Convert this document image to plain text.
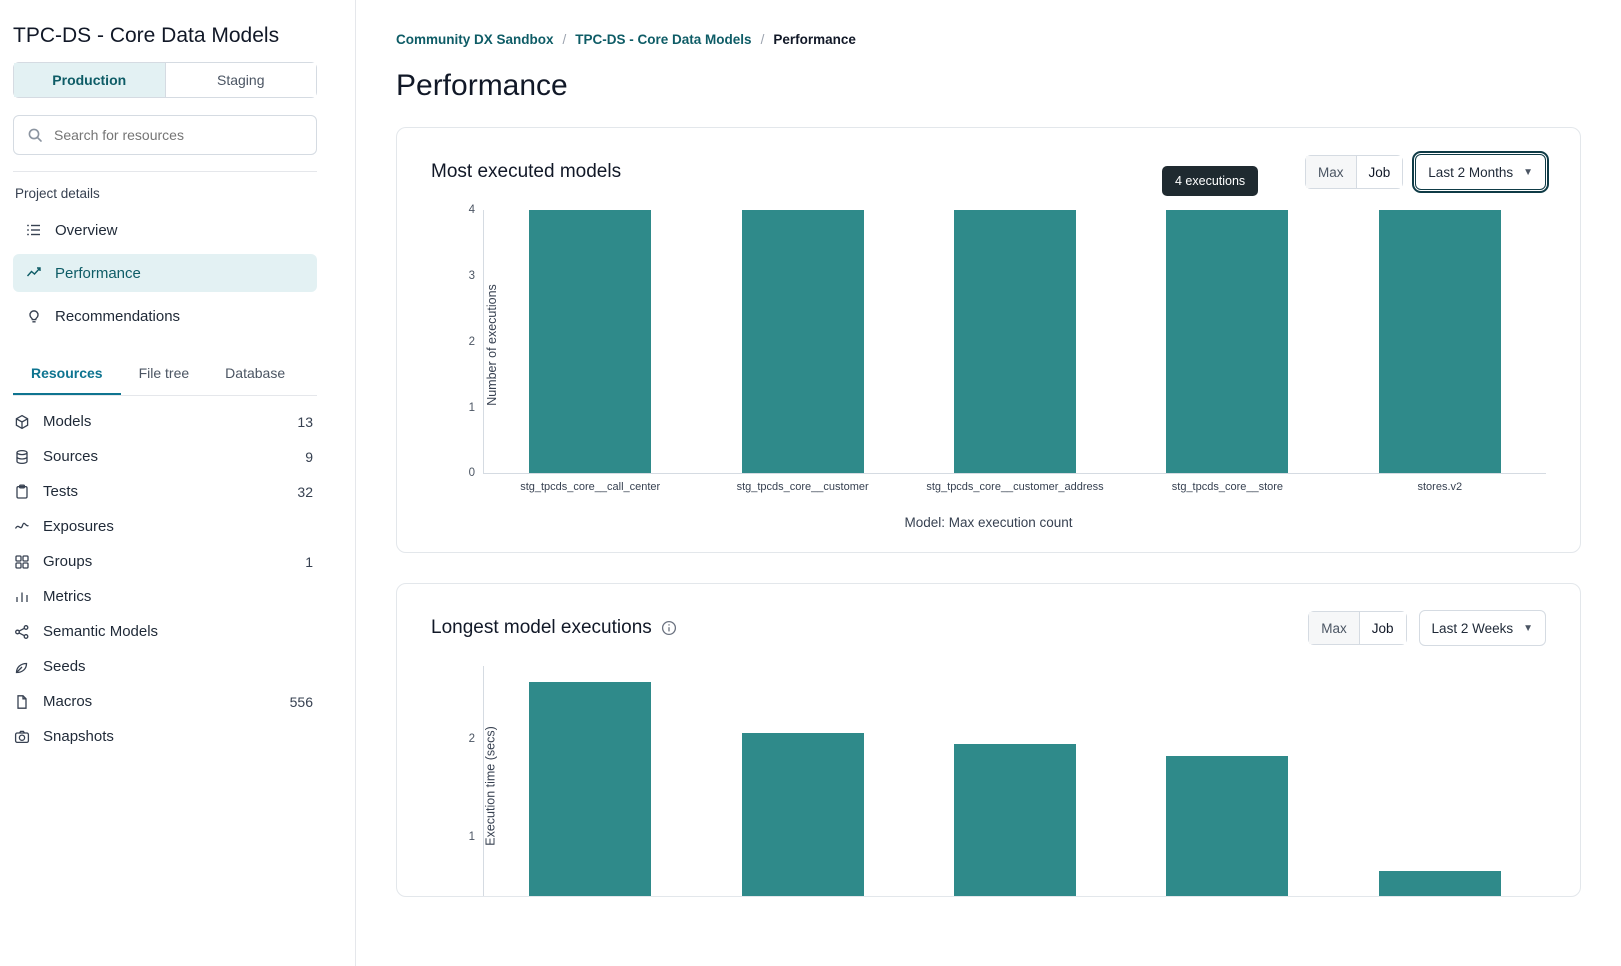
TPC-DS - Core Data Models
Production	Staging
Search for resources
Project details
Overview
Performance
Recommendations
Resources	File tree	Database
Models	13
Sources	9
Tests	32
Exposures
Groups	1
Metrics
Semantic Models
Seeds
Macros	556
Snapshots
Community DX Sandbox / TPC-DS - Core Data Models / Performance
Performance
Most executed models	Max	Job	Last 2 Months ▼
4 executions
Number of executions
4
3
2
1
0
stg_tpcds_core__call_center	stg_tpcds_core__customer	stg_tpcds_core__customer_address	stg_tpcds_core__store	stores.v2
Model: Max execution count
Longest model executions	Max	Job	Last 2 Weeks ▼
Execution time (secs)
2
1
